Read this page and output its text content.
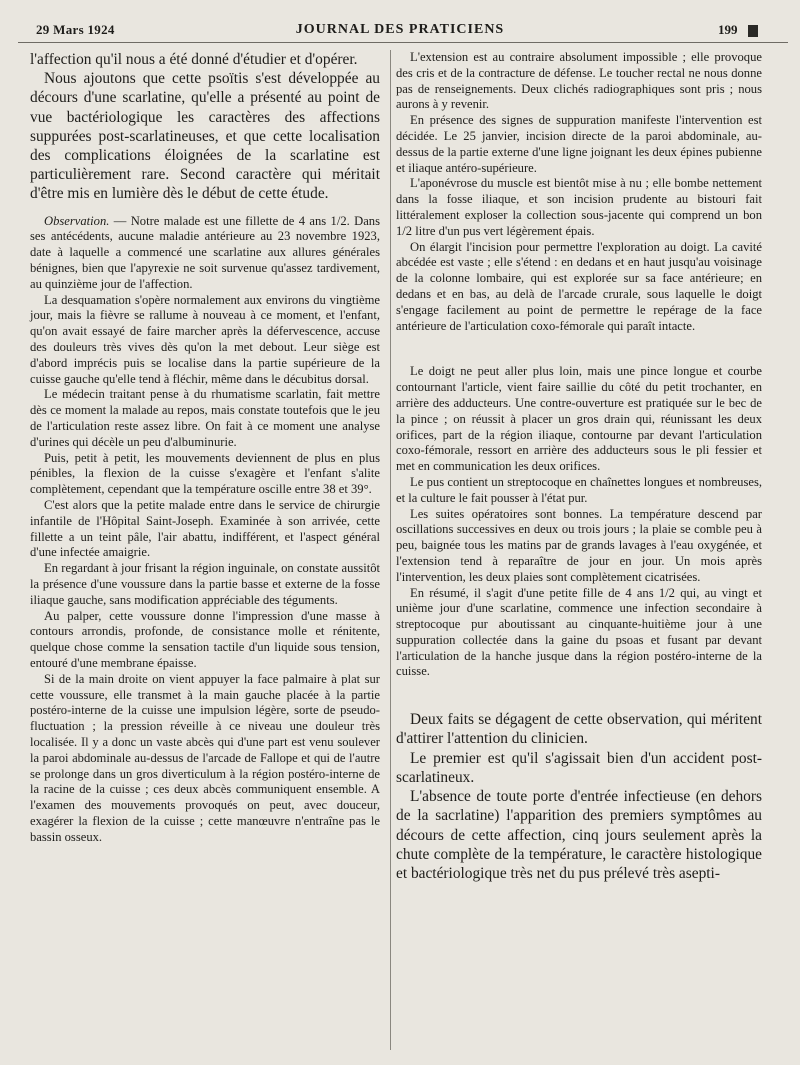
29 Mars 1924	JOURNAL DES PRATICIENS	199

l'affection qu'il nous a été donné d'étudier et d'opérer.

Nous ajoutons que cette psoïtis s'est développée au décours d'une scarlatine, qu'elle a présenté au point de vue bactériologique les caractères des affections suppurées post-scarlatineuses, et que cette localisation des complications éloignées de la scarlatine est particulièrement rare. Second caractère qui méritait d'être mis en lumière dès le début de cette étude.

Observation. — Notre malade est une fillette de 4 ans 1/2. Dans ses antécédents, aucune maladie antérieure au 23 novembre 1923, date à laquelle a commencé une scarlatine aux allures générales bénignes, bien que l'apyrexie ne soit survenue qu'assez tardivement, au quinzième jour de l'affection.

La desquamation s'opère normalement aux environs du vingtième jour, mais la fièvre se rallume à nouveau à ce moment, et l'enfant, qu'on avait essayé de faire marcher après la défervescence, accuse des douleurs très vives dès qu'on la met debout. Leur siège est d'abord imprécis puis se localise dans la partie supérieure de la cuisse gauche qu'elle tend à fléchir, même dans le décubitus dorsal.

Le médecin traitant pense à du rhumatisme scarlatin, fait mettre dès ce moment la malade au repos, mais constate toutefois que le jeu de l'articulation reste assez libre. On fait à ce moment une analyse d'urines qui décèle un peu d'albuminurie.

Puis, petit à petit, les mouvements deviennent de plus en plus pénibles, la flexion de la cuisse s'exagère et l'enfant s'alite complètement, cependant que la température oscille entre 38 et 39°.

C'est alors que la petite malade entre dans le service de chirurgie infantile de l'Hôpital Saint-Joseph. Examinée à son arrivée, cette fillette a un teint pâle, l'air abattu, indifférent, et l'aspect général d'une infectée amaigrie.

En regardant à jour frisant la région inguinale, on constate aussitôt la présence d'une voussure dans la partie basse et externe de la fosse iliaque gauche, sans modification appréciable des téguments.

Au palper, cette voussure donne l'impression d'une masse à contours arrondis, profonde, de consistance molle et rénitente, quelque chose comme la sensation tactile d'un liquide sous tension, entouré d'une membrane épaisse.

Si de la main droite on vient appuyer la face palmaire à plat sur cette voussure, elle transmet à la main gauche placée à la partie postéro-interne de la cuisse une impulsion légère, sorte de pseudo-fluctuation ; la pression réveille à ce niveau une douleur très localisée. Il y a donc un vaste abcès qui d'une part est venu soulever la paroi abdominale au-dessus de l'arcade de Fallope et qui de l'autre se prolonge dans un gros diverticulum à la région postéro-interne de la racine de la cuisse ; ces deux abcès communiquent ensemble. A l'examen des mouvements provoqués on peut, avec douceur, exagérer la flexion de la cuisse ; cette manœuvre n'entraîne pas le bassin osseux.

L'extension est au contraire absolument impossible ; elle provoque des cris et de la contracture de défense. Le toucher rectal ne nous donne pas de renseignements. Deux clichés radiographiques sont pris ; nous aurons à y revenir.

En présence des signes de suppuration manifeste l'intervention est décidée. Le 25 janvier, incision directe de la paroi abdominale, au-dessus de la partie externe d'une ligne joignant les deux épines pubienne et iliaque antéro-supérieure.

L'aponévrose du muscle est bientôt mise à nu ; elle bombe nettement dans la fosse iliaque, et son incision prudente au bistouri fait littéralement exploser la collection sous-jacente qui comprend un bon 1/2 litre d'un pus vert légèrement épais.

On élargit l'incision pour permettre l'exploration au doigt. La cavité abcédée est vaste ; elle s'étend : en dedans et en haut jusqu'au voisinage de la colonne lombaire, qui est explorée sur sa face antérieure; en dedans et en bas, au delà de l'arcade crurale, sous laquelle le doigt s'engage facilement au point de permettre le repérage de la face antérieure de l'articulation coxo-fémorale qui paraît intacte.

Le doigt ne peut aller plus loin, mais une pince longue et courbe contournant l'article, vient faire saillie du côté du petit trochanter, en arrière des adducteurs. Une contre-ouverture est pratiquée sur le bec de la pince ; on réussit à placer un gros drain qui, réunissant les deux orifices, part de la région iliaque, contourne par devant l'articulation coxo-fémorale, ressort en arrière des adducteurs sous le pli fessier et met en communication les deux orifices.

Le pus contient un streptocoque en chaînettes longues et nombreuses, et la culture le fait pousser à l'état pur.

Les suites opératoires sont bonnes. La température descend par oscillations successives en deux ou trois jours ; la plaie se comble peu à peu, baignée tous les matins par de grands lavages à l'eau oxygénée, et l'extension tend à reparaître de jour en jour. Un mois après l'intervention, les deux plaies sont complètement cicatrisées.

En résumé, il s'agit d'une petite fille de 4 ans 1/2 qui, au vingt et unième jour d'une scarlatine, commence une infection secondaire à streptocoque pur aboutissant au cinquante-huitième jour à une suppuration collectée dans la gaine du psoas et fusant par devant l'articulation de la hanche jusque dans la région postéro-interne de la cuisse.

Deux faits se dégagent de cette observation, qui méritent d'attirer l'attention du clinicien.

Le premier est qu'il s'agissait bien d'un accident post-scarlatineux.

L'absence de toute porte d'entrée infectieuse (en dehors de la sacrlatine) l'apparition des premiers symptômes au décours de cette affection, cinq jours seulement après la chute complète de la température, le caractère histologique et bactériologique très net du pus prélevé très asepti-
